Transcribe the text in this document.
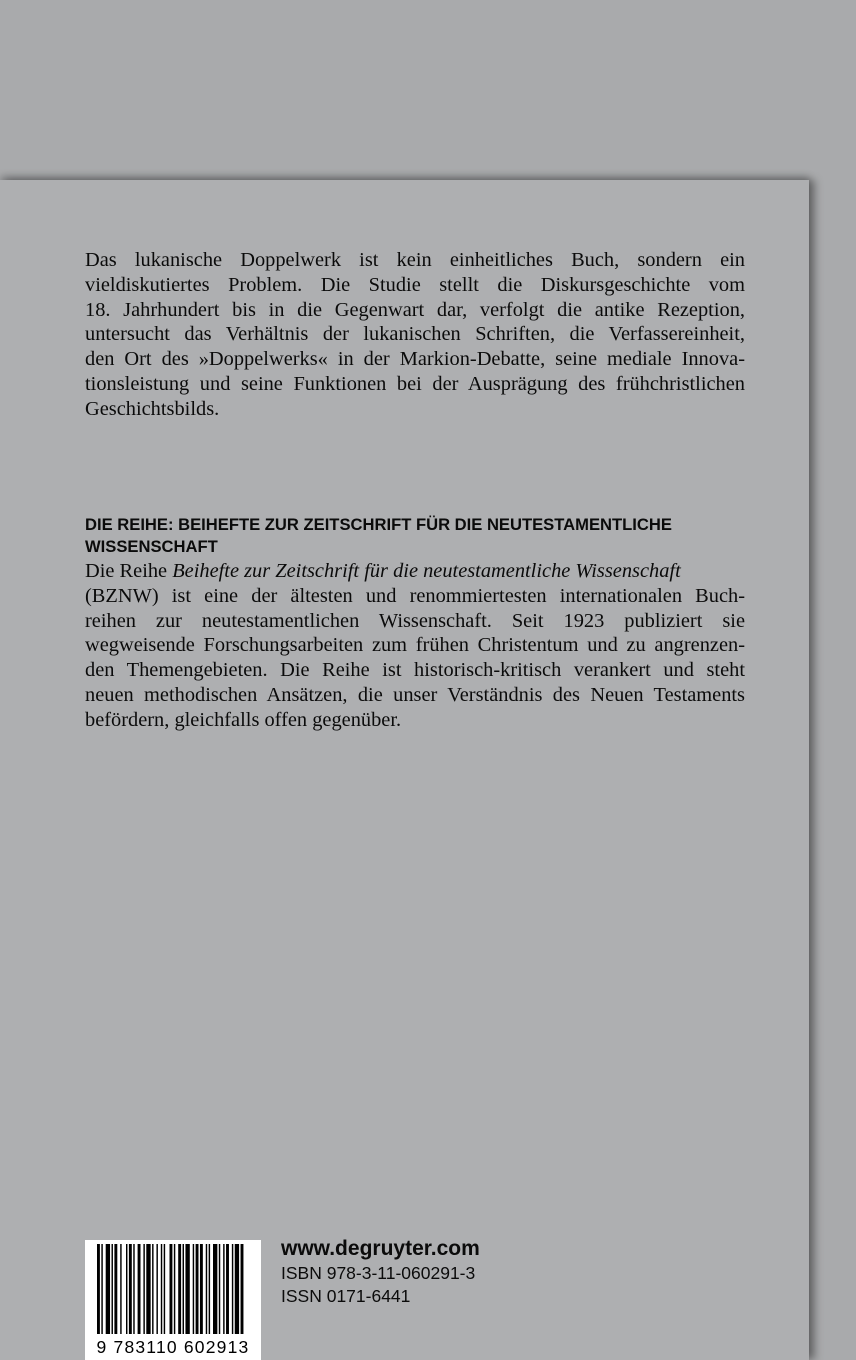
Das lukanische Doppelwerk ist kein einheitliches Buch, sondern ein
vieldiskutiertes Problem. Die Studie stellt die Diskursgeschichte vom
18. Jahrhundert bis in die Gegenwart dar, verfolgt die antike Rezeption,
untersucht das Verhältnis der lukanischen Schriften, die Verfassereinheit,
den Ort des »Doppelwerks« in der Markion-Debatte, seine mediale Innova-
tionsleistung und seine Funktionen bei der Ausprägung des frühchristlichen
Geschichtsbilds.

DIE REIHE: BEIHEFTE ZUR ZEITSCHRIFT FÜR DIE NEUTESTAMENTLICHE
WISSENSCHAFT

Die Reihe Beihefte zur Zeitschrift für die neutestamentliche Wissenschaft
(BZNW) ist eine der ältesten und renommiertesten internationalen Buch-
reihen zur neutestamentlichen Wissenschaft. Seit 1923 publiziert sie
wegweisende Forschungsarbeiten zum frühen Christentum und zu angrenzen-
den Themengebieten. Die Reihe ist historisch-kritisch verankert und steht
neuen methodischen Ansätzen, die unser Verständnis des Neuen Testaments
befördern, gleichfalls offen gegenüber.

9 783110 602913
www.degruyter.com
ISBN 978-3-11-060291-3
ISSN 0171-6441
